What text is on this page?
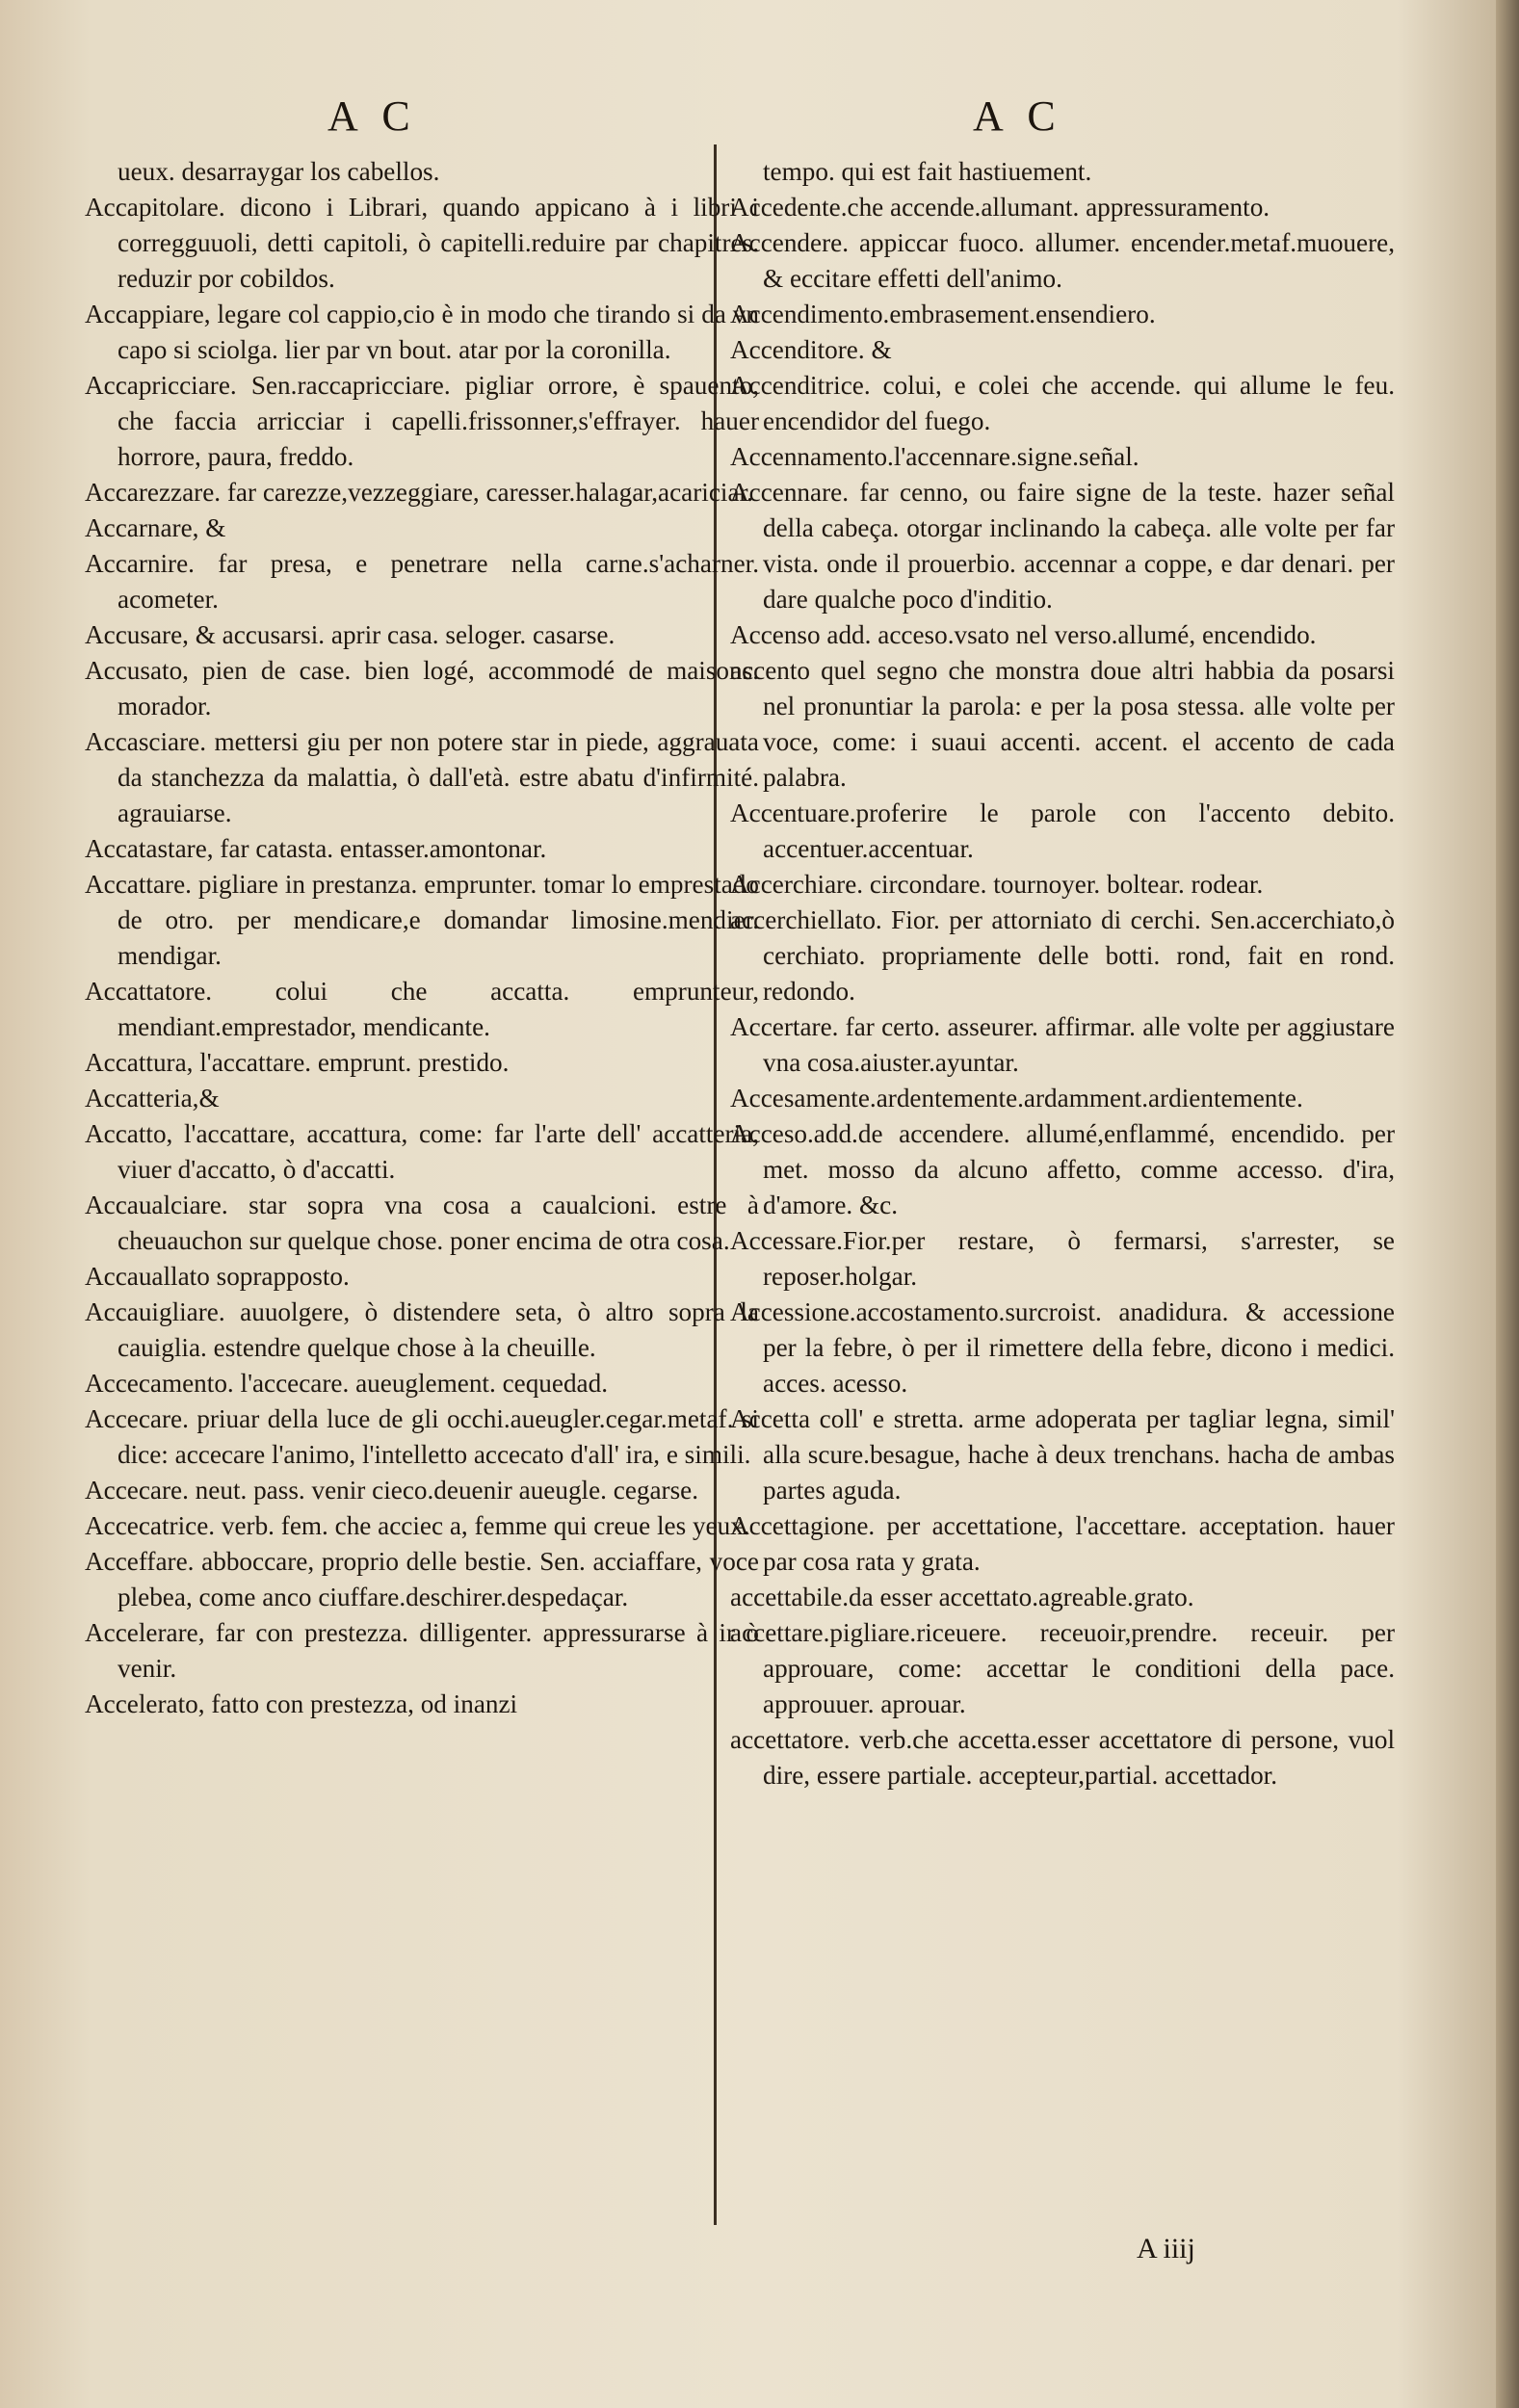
A C	A C
ueux. desarraygar los cabellos.
Accapitolare. dicono i Librari, quando appicano à i libri i corregguuoli, detti capitoli, ò capitelli.reduire par chapitres. reduzir por cobildos.
Accappiare, legare col cappio,cio è in modo che tirando si da vn capo si sciolga. lier par vn bout. atar por la coronilla.
Accapricciare. Sen.raccapricciare. pigliar orrore, è spauento, che faccia arricciar i capelli.frissonner,s'effrayer. hauer horrore, paura, freddo.
Accarezzare. far carezze,vezzeggiare, caresser.halagar,acariciar.
Accarnare, &
Accarnire. far presa, e penetrare nella carne.s'acharner. acometer.
Accusare, & accusarsi. aprir casa. seloger. casarse.
Accusato, pien de case. bien logé, accommodé de maisons. morador.
Accasciare. mettersi giu per non potere star in piede, aggrauata da stanchezza da malattia, ò dall'età. estre abatu d'infirmité. agrauiarse.
Accatastare, far catasta. entasser.amontonar.
Accattare. pigliare in prestanza. emprunter. tomar lo emprestado de otro. per mendicare,e domandar limosine.mendier. mendigar.
Accattatore. colui che accatta. emprunteur, mendiant.emprestador, mendicante.
Accattura, l'accattare. emprunt. prestido.
Accatteria,&
Accatto, l'accattare, accattura, come: far l'arte dell' accatteria, viuer d'accatto, ò d'accatti.
Accaualciare. star sopra vna cosa a caualcioni. estre à cheuauchon sur quelque chose. poner encima de otra cosa.
Accauallato soprapposto.
Accauigliare. auuolgere, ò distendere seta, ò altro sopra la cauiglia. estendre quelque chose à la cheuille.
Accecamento. l'accecare. aueuglement. cequedad.
Accecare. priuar della luce de gli occhi.aueugler.cegar.metaf. si dice: accecare l'animo, l'intelletto accecato d'all' ira, e simili.
Accecare. neut. pass. venir cieco.deuenir aueugle. cegarse.
Accecatrice. verb. fem. che acciec a, femme qui creue les yeux.
Acceffare. abboccare, proprio delle bestie. Sen. acciaffare, voce plebea, come anco ciuffare.deschirer.despedaçar.
Accelerare, far con prestezza. dilligenter. appressurarse à ir ò venir.
Accelerato, fatto con prestezza, od inanzi
tempo. qui est fait hastiuement.
Accedente.che accende.allumant. appressuramento.
Accendere. appiccar fuoco. allumer. encender.metaf.muouere, & eccitare effetti dell'animo.
Accendimento.embrasement.ensendiero.
Accenditore. &
Accenditrice. colui, e colei che accende. qui allume le feu. encendidor del fuego.
Accennamento.l'accennare.signe.señal.
Accennare. far cenno, ou faire signe de la teste. hazer señal della cabeça. otorgar inclinando la cabeça. alle volte per far vista. onde il prouerbio. accennar a coppe, e dar denari. per dare qualche poco d'inditio.
Accenso add. acceso.vsato nel verso.allumé, encendido.
accento quel segno che monstra doue altri habbia da posarsi nel pronuntiar la parola: e per la posa stessa. alle volte per voce, come: i suaui accenti. accent. el accento de cada palabra.
Accentuare.proferire le parole con l'accento debito. accentuer.accentuar.
Accerchiare. circondare. tournoyer. boltear. rodear.
accerchiellato. Fior. per attorniato di cerchi. Sen.accerchiato,ò cerchiato. propriamente delle botti. rond, fait en rond. redondo.
Accertare. far certo. asseurer. affirmar. alle volte per aggiustare vna cosa.aiuster.ayuntar.
Accesamente.ardentemente.ardamment.ardientemente.
Acceso.add.de accendere. allumé,enflammé, encendido. per met. mosso da alcuno affetto, comme accesso. d'ira, d'amore. &c.
Accessare.Fior.per restare, ò fermarsi, s'arrester, se reposer.holgar.
Accessione.accostamento.surcroist. anadidura. & accessione per la febre, ò per il rimettere della febre, dicono i medici. acces. acesso.
Accetta coll' e stretta. arme adoperata per tagliar legna, simil' alla scure.besague, hache à deux trenchans. hacha de ambas partes aguda.
Accettagione. per accettatione, l'accettare. acceptation. hauer par cosa rata y grata.
accettabile.da esser accettato.agreable.grato.
accettare.pigliare.riceuere. receuoir,prendre. receuir. per approuare, come: accettar le conditioni della pace. approuuer. aprouar.
accettatore. verb.che accetta.esser accettatore di persone, vuol dire, essere partiale. accepteur,partial. accettador.
A iiij
